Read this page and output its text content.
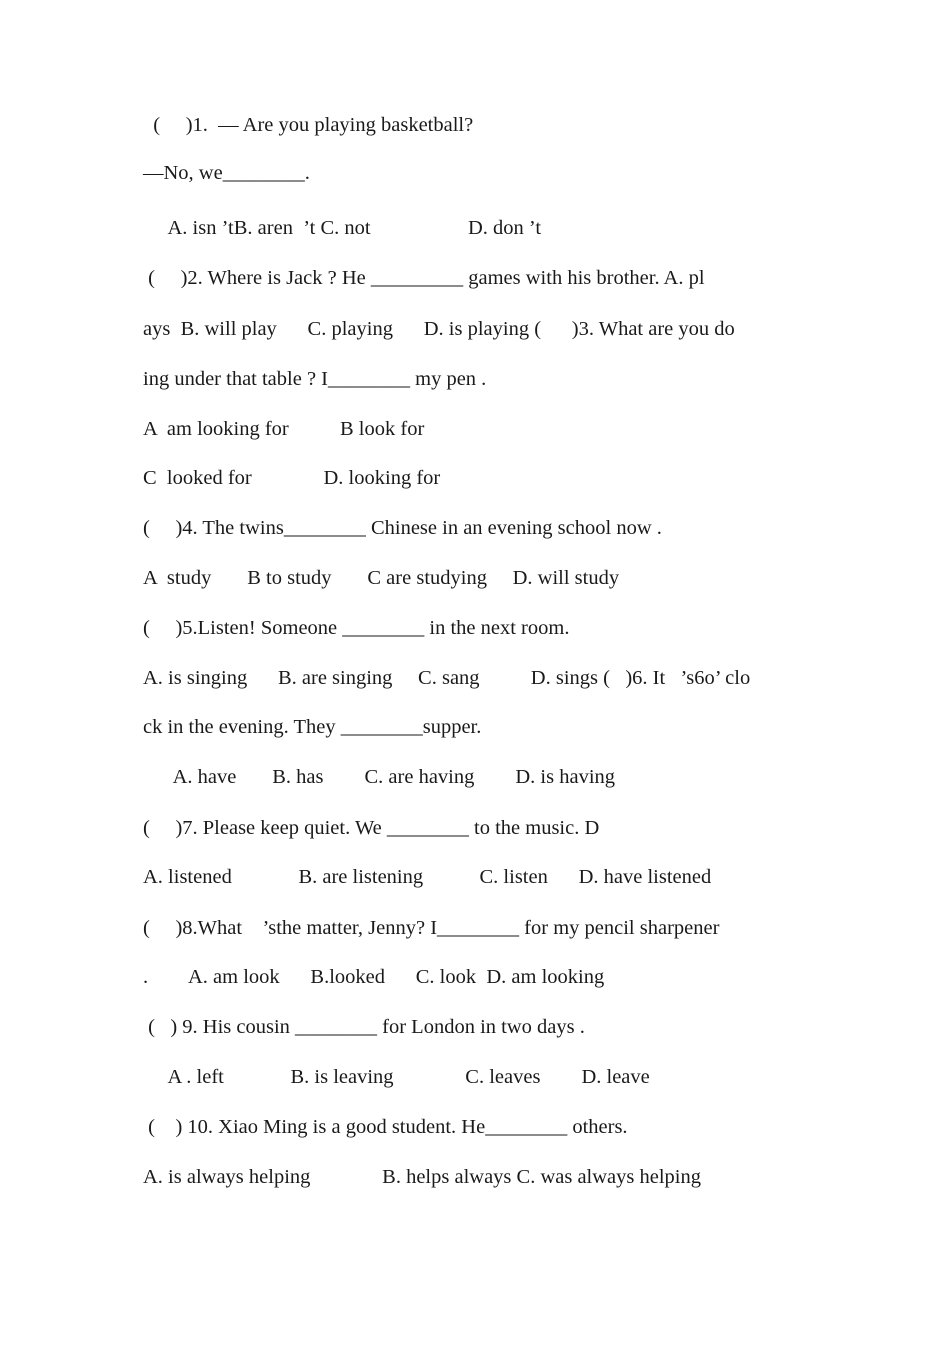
(     )1.  — Are you playing basketball?
—No, we________.
A. isn ’tB. aren  ’t C. not                   D. don ’t
(     )2. Where is Jack ? He _________ games with his brother. A. pl
ays  B. will play      C. playing      D. is playing (      )3. What are you do
ing under that table ? I________ my pen .
A  am looking for          B look for
C  looked for              D. looking for
(     )4. The twins________ Chinese in an evening school now .
A  study       B to study       C are studying     D. will study
(     )5.Listen! Someone ________ in the next room.
A. is singing      B. are singing     C. sang          D. sings (   )6. It   ’s6o’ clo
ck in the evening. They ________supper.
A. have       B. has        C. are having        D. is having
(     )7. Please keep quiet. We ________ to the music. D
A. listened             B. are listening           C. listen      D. have listened
(     )8.What    ’sthe matter, Jenny? I________ for my pencil sharpener
.        A. am look      B.looked      C. look  D. am looking
(   ) 9. His cousin ________ for London in two days .
A . left             B. is leaving              C. leaves        D. leave
(    ) 10. Xiao Ming is a good student. He________ others.
A. is always helping              B. helps always C. was always helping
